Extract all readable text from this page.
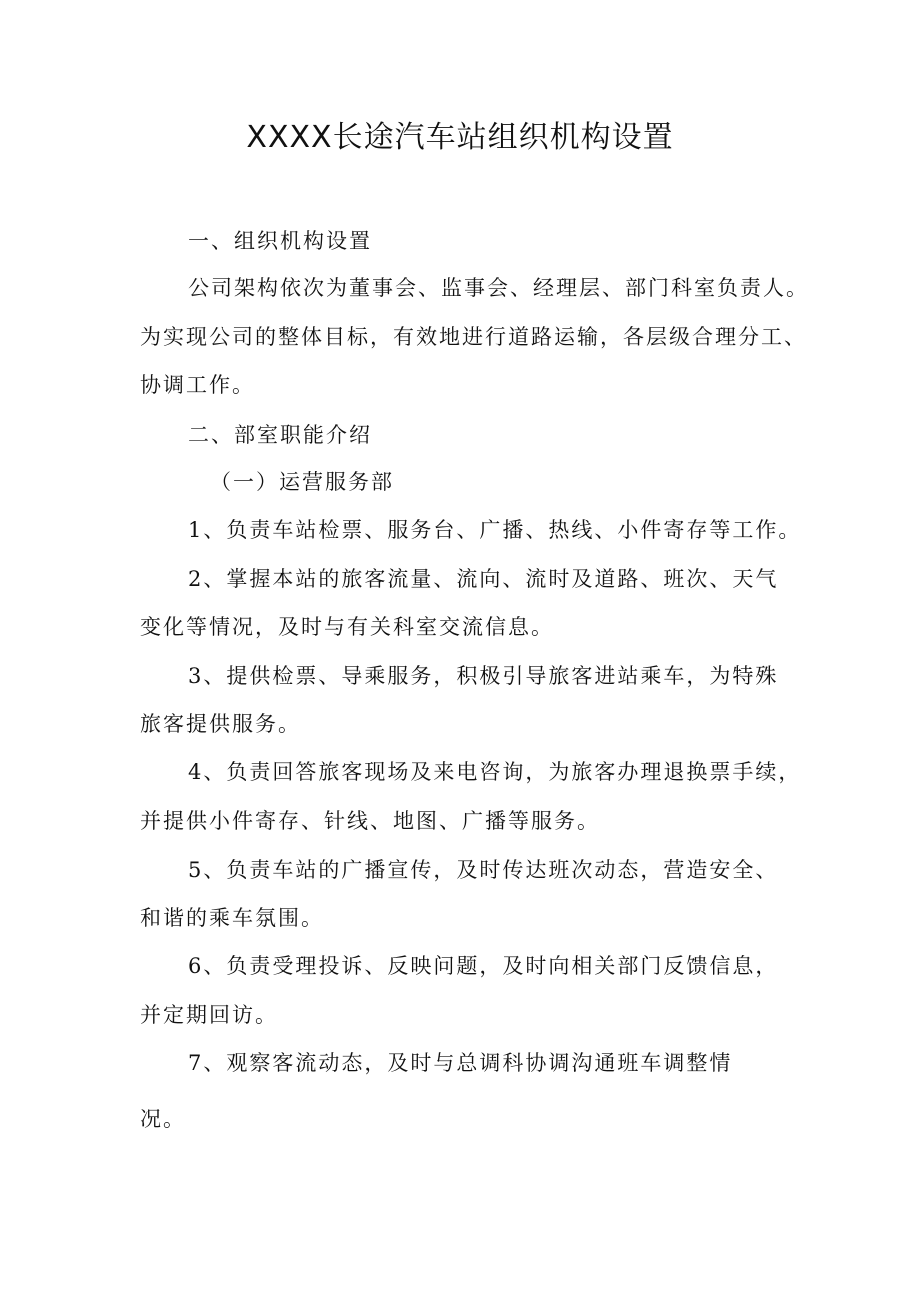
XXXX长途汽车站组织机构设置
一、组织机构设置
公司架构依次为董事会、监事会、经理层、部门科室负责人。
为实现公司的整体目标，有效地进行道路运输，各层级合理分工、
协调工作。
二、部室职能介绍
（一）运营服务部
1、负责车站检票、服务台、广播、热线、小件寄存等工作。
2、掌握本站的旅客流量、流向、流时及道路、班次、天气
变化等情况，及时与有关科室交流信息。
3、提供检票、导乘服务，积极引导旅客进站乘车，为特殊
旅客提供服务。
4、负责回答旅客现场及来电咨询，为旅客办理退换票手续，
并提供小件寄存、针线、地图、广播等服务。
5、负责车站的广播宣传，及时传达班次动态，营造安全、
和谐的乘车氛围。
6、负责受理投诉、反映问题，及时向相关部门反馈信息，
并定期回访。
7、观察客流动态，及时与总调科协调沟通班车调整情
况。
